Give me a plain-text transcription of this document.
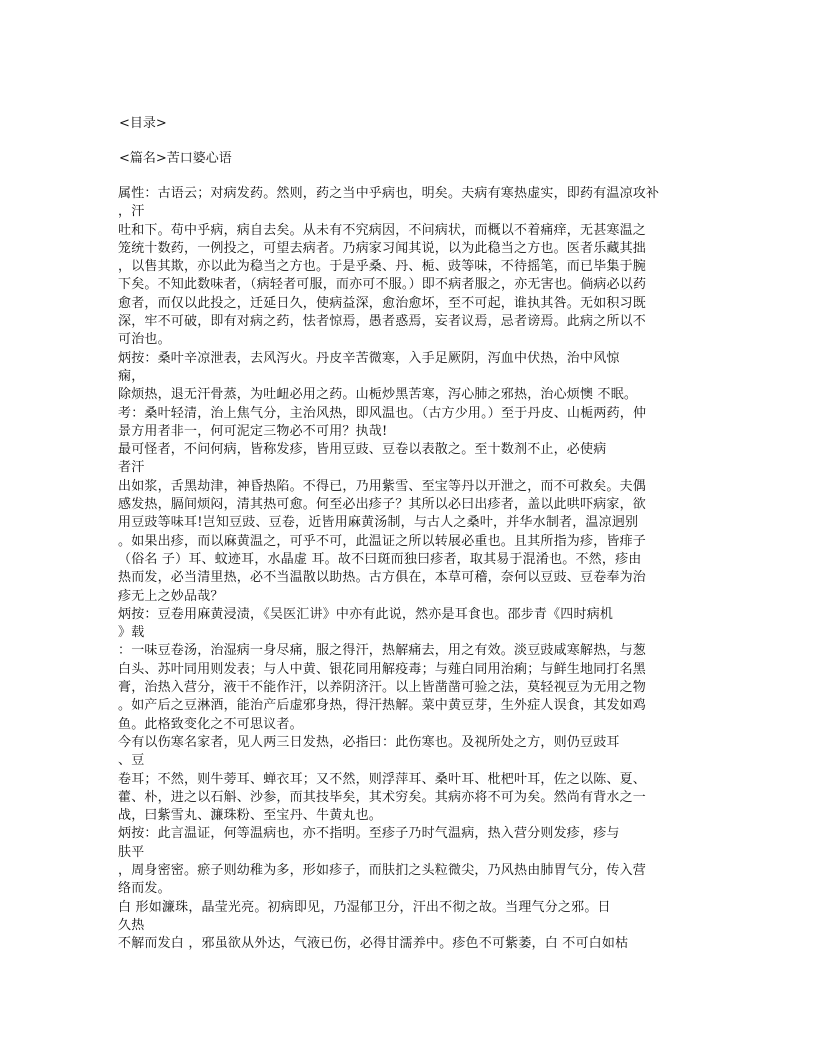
<目录>
<篇名>苦口婆心语
属性：古语云；对病发药。然则，药之当中乎病也，明矣。夫病有寒热虚实，即药有温凉攻补
，汗
吐和下。苟中乎病，病自去矣。从未有不究病因，不问病状，而概以不着痛痒，无甚寒温之
笼统十数药，一例投之，可望去病者。乃病家习闻其说，以为此稳当之方也。医者乐藏其拙
，以售其欺，亦以此为稳当之方也。于是乎桑、丹、栀、豉等味，不待摇笔，而已毕集于腕
下矣。不知此数味者，（病轻者可服，而亦可不服。）即不病者服之，亦无害也。倘病必以药
愈者，而仅以此投之，迁延日久，使病益深，愈治愈坏，至不可起，谁执其咎。无如积习既
深，牢不可破，即有对病之药，怯者惊焉，愚者惑焉，妄者议焉，忌者谤焉。此病之所以不
可治也。
炳按：桑叶辛凉泄表，去风泻火。丹皮辛苦微寒，入手足厥阴，泻血中伏热，治中风惊
痫，
除烦热，退无汗骨蒸，为吐衄必用之药。山栀炒黑苦寒，泻心肺之邪热，治心烦懊 不眠。
考：桑叶轻清，治上焦气分，主治风热，即风温也。（古方少用。）至于丹皮、山栀两药，仲
景方用者非一，何可泥定三物必不可用？执哉!
最可怪者，不问何病，皆称发疹，皆用豆豉、豆卷以表散之。至十数剂不止，必使病
者汗
出如浆，舌黑劫津，神昏热陷。不得已，乃用紫雪、至宝等丹以开泄之，而不可救矣。夫偶
感发热，膈间烦闷，清其热可愈。何至必出疹子？其所以必曰出疹者，盖以此哄吓病家，欲
用豆豉等味耳!岂知豆豉、豆卷，近皆用麻黄汤制，与古人之桑叶，并华水制者，温凉迥别
。如果出疹，而以麻黄温之，可乎不可，此温证之所以转展必重也。且其所指为疹，皆痱子
（俗名 子）耳、蚊迹耳，水晶虚 耳。故不曰斑而独曰疹者，取其易于混淆也。不然，疹由
热而发，必当清里热，必不当温散以助热。古方俱在，本草可稽，奈何以豆豉、豆卷奉为治
疹无上之妙品哉？
炳按：豆卷用麻黄浸渍，《吴医汇讲》中亦有此说，然亦是耳食也。邵步青《四时病机
》载
：一味豆卷汤，治湿病一身尽痛，服之得汗，热解痛去，用之有效。淡豆豉咸寒解热，与葱
白头、苏叶同用则发表；与人中黄、银花同用解疫毒；与薤白同用治痢；与鲜生地同打名黑
膏，治热入营分，液干不能作汗，以养阴济汗。以上皆凿凿可验之法，莫轻视豆为无用之物
。如产后之豆淋酒，能治产后虚邪身热，得汗热解。菜中黄豆芽，生外症人误食，其发如鸡
鱼。此格致变化之不可思议者。
今有以伤寒名家者，见人两三日发热，必指曰：此伤寒也。及视所处之方，则仍豆豉耳
、豆
卷耳；不然，则牛蒡耳、蝉衣耳；又不然，则浮萍耳、桑叶耳、枇杷叶耳，佐之以陈、夏、
藿、朴，进之以石斛、沙参，而其技毕矣，其术穷矣。其病亦将不可为矣。然尚有背水之一
战，曰紫雪丸、濂珠粉、至宝丹、牛黄丸也。
炳按：此言温证，何等温病也，亦不指明。至疹子乃时气温病，热入营分则发疹，疹与
肤平
，周身密密。瘀子则幼稚为多，形如疹子，而肤扪之头粒微尖，乃风热由肺胃气分，传入营
络而发。
白 形如濂珠，晶莹光亮。初病即见，乃湿郁卫分，汗出不彻之故。当理气分之邪。日
久热
不解而发白 ，邪虽欲从外达，气液已伤，必得甘濡养中。疹色不可紫萎，白 不可白如枯
